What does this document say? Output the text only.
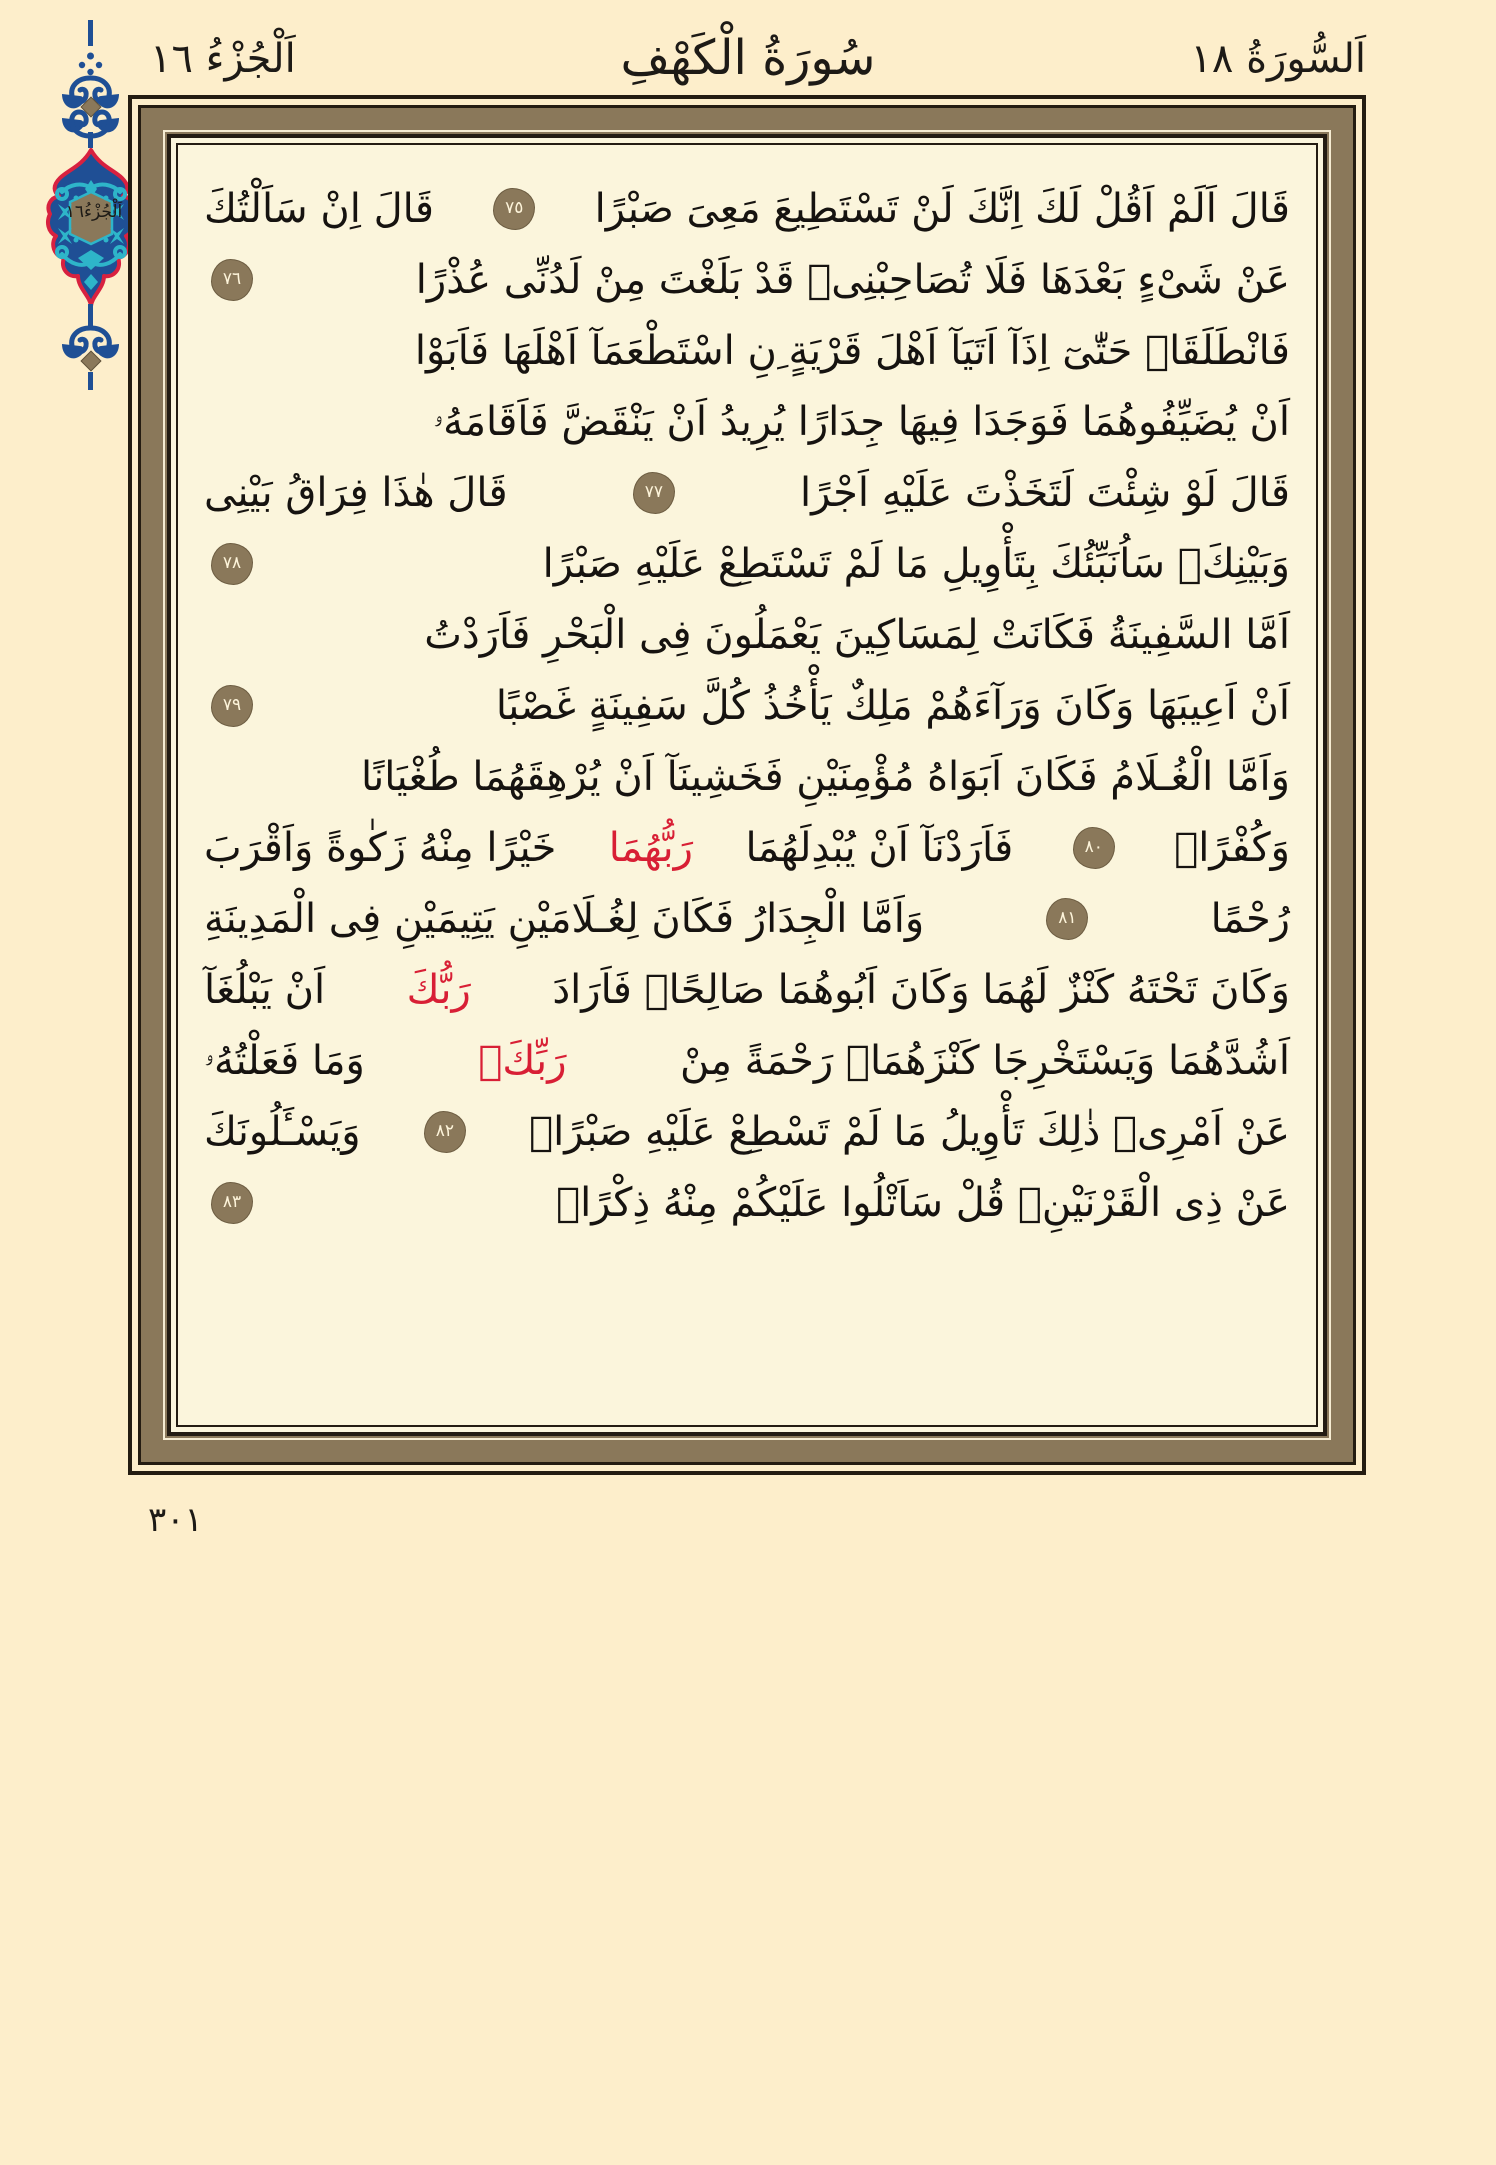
اَلْجُزْءُ ١٦	سُورَةُ الْكَهْفِ	اَلسُّورَةُ ١٨
اَلْجُزْءُ

١٦	قَالَ اَلَمْ اَقُلْ لَكَ اِنَّكَ لَنْ تَسْتَطِيعَ مَعِىَ صَبْرًا
٧٥
قَالَ اِنْ سَاَلْتُكَ
عَنْ شَىْءٍ بَعْدَهَا فَلَا تُصَاحِبْنِىۚ قَدْ بَلَغْتَ مِنْ لَدُنِّى عُذْرًا
٧٦
فَانْطَلَقَاۗ حَتّٰىٓ اِذَآ اَتَيَآ اَهْلَ قَرْيَةٍ ِنِ اسْتَطْعَمَآ اَهْلَهَا فَاَبَوْا
اَنْ يُضَيِّفُوهُمَا فَوَجَدَا فِيهَا جِدَارًا يُرِيدُ اَنْ يَنْقَضَّ فَاَقَامَهُۥ
قَالَ لَوْ شِئْتَ لَتَخَذْتَ عَلَيْهِ اَجْرًا
٧٧
قَالَ هٰذَا فِرَاقُ بَيْنِى
وَبَيْنِكَۚ سَاُنَبِّئُكَ بِتَأْوِيلِ مَا لَمْ تَسْتَطِعْ عَلَيْهِ صَبْرًا
٧٨
اَمَّا السَّفِينَةُ فَكَانَتْ لِمَسَاكِينَ يَعْمَلُونَ فِى الْبَحْرِ فَاَرَدْتُ
اَنْ اَعِيبَهَا وَكَانَ وَرَآءَهُمْ مَلِكٌ يَأْخُذُ كُلَّ سَفِينَةٍ غَصْبًا
٧٩
وَاَمَّا الْغُـلَامُ فَكَانَ اَبَوَاهُ مُؤْمِنَيْنِ فَخَشِينَآ اَنْ يُرْهِقَهُمَا طُغْيَانًا
وَكُفْرًاۚ
٨٠
فَاَرَدْنَآ اَنْ يُبْدِلَهُمَا
رَبُّهُمَا
خَيْرًا مِنْهُ زَكٰوةً وَاَقْرَبَ
رُحْمًا
٨١
وَاَمَّا الْجِدَارُ فَكَانَ لِغُـلَامَيْنِ يَتِيمَيْنِ فِى الْمَدِينَةِ
وَكَانَ تَحْتَهُ كَنْزٌ لَهُمَا وَكَانَ اَبُوهُمَا صَالِحًاۚ فَاَرَادَ
رَبُّكَ
اَنْ يَبْلُغَآ
اَشُدَّهُمَا وَيَسْتَخْرِجَا كَنْزَهُمَاۚ رَحْمَةً مِنْ
رَبِّكَۚ
وَمَا فَعَلْتُهُۥ
عَنْ اَمْرِىۚ ذٰلِكَ تَأْوِيلُ مَا لَمْ تَسْطِعْ عَلَيْهِ صَبْرًاۚ
٨٢
وَيَسْـَٔلُونَكَ
عَنْ ذِى الْقَرْنَيْنِۚ قُلْ سَاَتْلُوا عَلَيْكُمْ مِنْهُ ذِكْرًاۚ
٨٣
٣٠١
